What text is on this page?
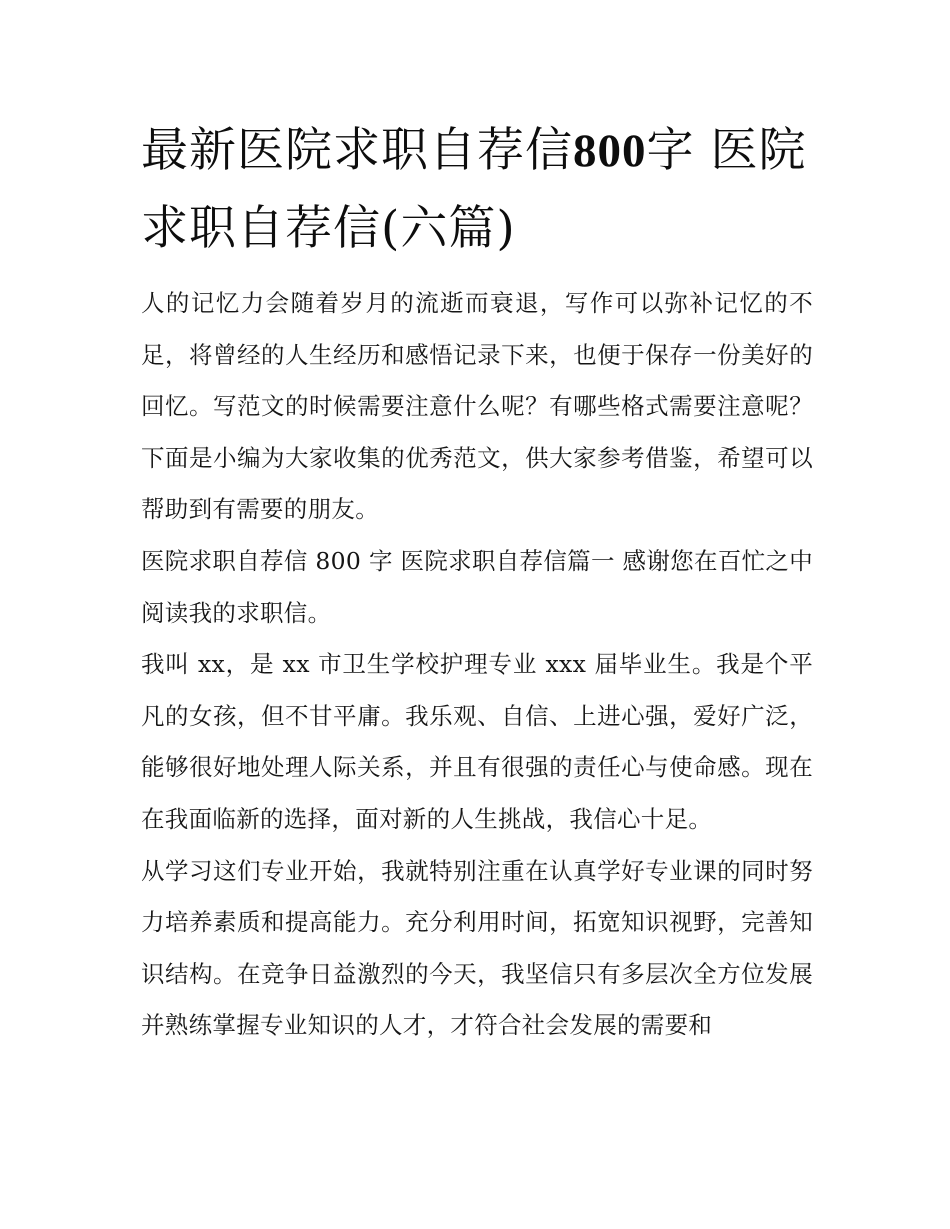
最新医院求职自荐信800字 医院求职自荐信(六篇)

人的记忆力会随着岁月的流逝而衰退，写作可以弥补记忆的不足，将曾经的人生经历和感悟记录下来，也便于保存一份美好的回忆。写范文的时候需要注意什么呢？有哪些格式需要注意呢？下面是小编为大家收集的优秀范文，供大家参考借鉴，希望可以帮助到有需要的朋友。

医院求职自荐信 800 字 医院求职自荐信篇一 感谢您在百忙之中阅读我的求职信。

我叫 xx，是 xx 市卫生学校护理专业 xxx 届毕业生。我是个平凡的女孩，但不甘平庸。我乐观、自信、上进心强，爱好广泛，能够很好地处理人际关系，并且有很强的责任心与使命感。现在在我面临新的选择，面对新的人生挑战，我信心十足。

从学习这们专业开始，我就特别注重在认真学好专业课的同时努力培养素质和提高能力。充分利用时间，拓宽知识视野，完善知识结构。在竞争日益激烈的今天，我坚信只有多层次全方位发展并熟练掌握专业知识的人才，才符合社会发展的需要和
